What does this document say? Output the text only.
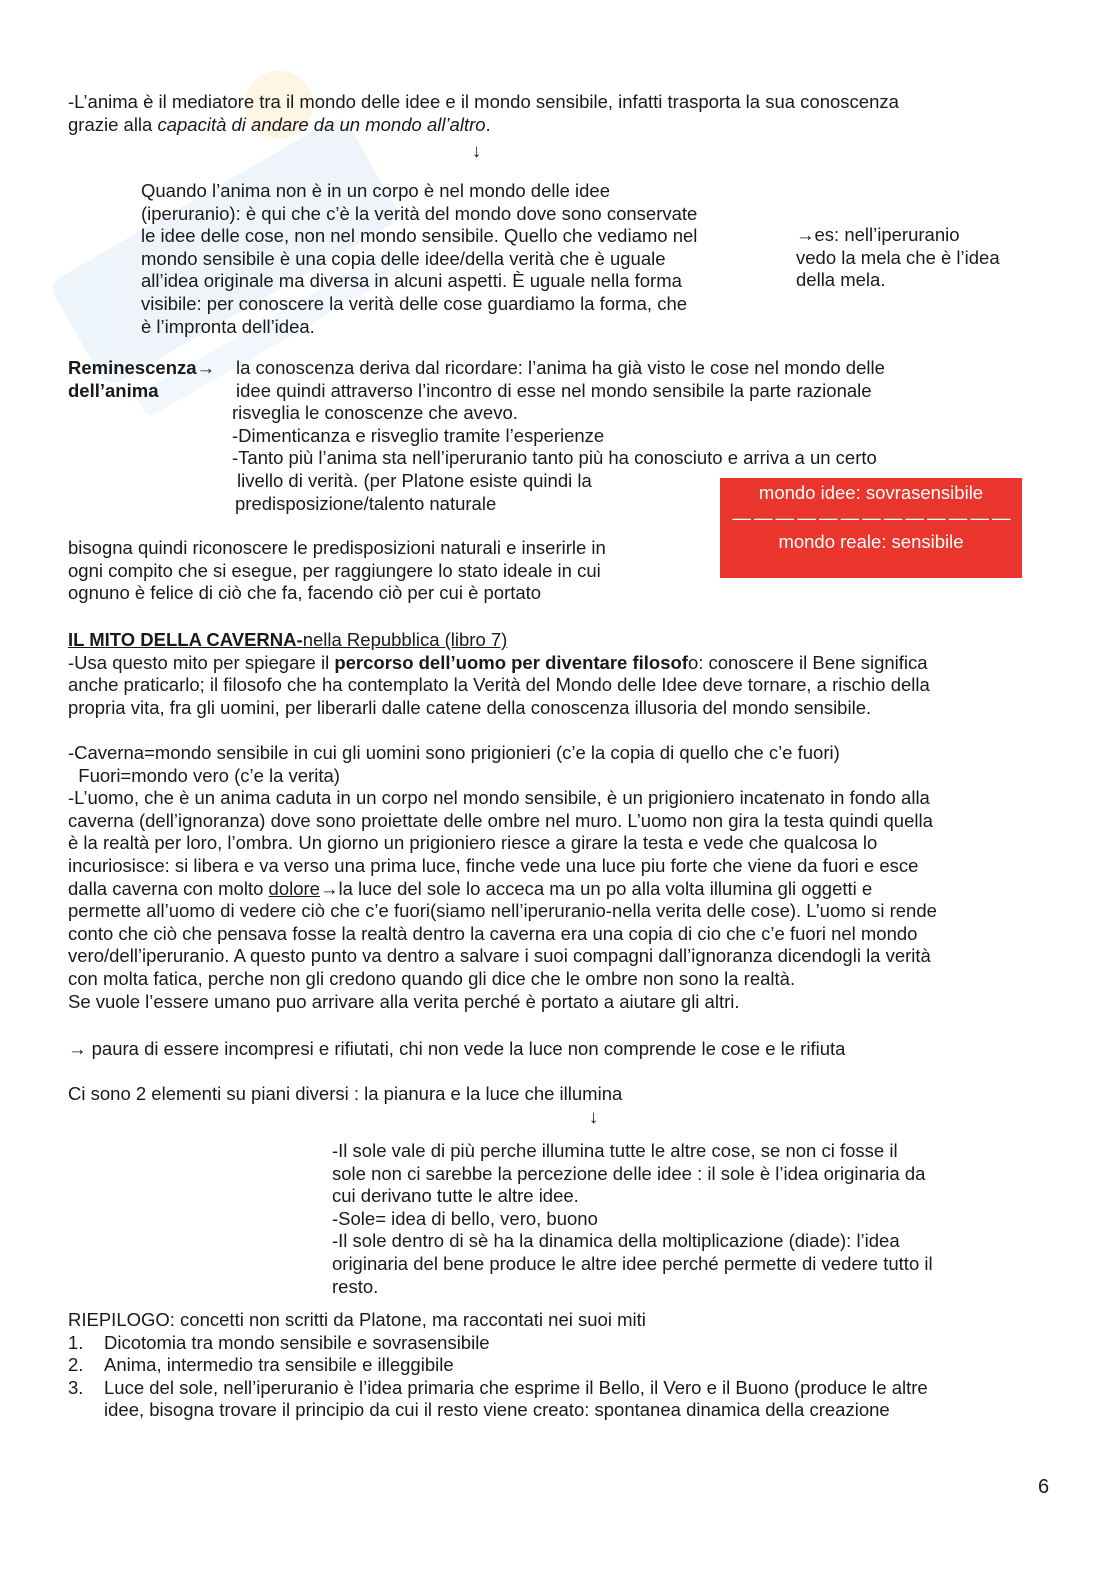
-L’anima è il mediatore tra il mondo delle idee e il mondo sensibile, infatti trasporta la sua conoscenza

grazie alla capacità di andare da un mondo all’altro.

↓

Quando l’anima non è in un corpo è nel mondo delle idee

(iperuranio): è qui che c’è la verità del mondo dove sono conservate

le idee delle cose, non nel mondo sensibile. Quello che vediamo nel

mondo sensibile è una copia delle idee/della verità che è uguale

all’idea originale ma diversa in alcuni aspetti. È uguale nella forma

visibile: per conoscere la verità delle cose guardiamo la forma, che

è l’impronta dell’idea.

→es: nell’iperuranio

vedo la mela che è l’idea

della mela.

Reminescenza→

dell’anima

la conoscenza deriva dal ricordare: l’anima ha già visto le cose nel mondo delle

idee quindi attraverso l’incontro di esse nel mondo sensibile la parte razionale

risveglia le conoscenze che avevo.

-Dimenticanza e risveglio tramite l’esperienze

-Tanto più l’anima sta nell’iperuranio tanto più ha conosciuto e arriva a un certo

livello di verità. (per Platone esiste quindi la

predisposizione/talento naturale

mondo idee: sovrasensibile
— — — — — — — — — — — — —
mondo reale: sensibile

bisogna quindi riconoscere le predisposizioni naturali e inserirle in

ogni compito che si esegue, per raggiungere lo stato ideale in cui

ognuno è felice di ciò che fa, facendo ciò per cui è portato

IL MITO DELLA CAVERNA-nella Repubblica (libro 7)

-Usa questo mito per spiegare il percorso dell’uomo per diventare filosofo: conoscere il Bene significa

anche praticarlo; il filosofo che ha contemplato la Verità del Mondo delle Idee deve tornare, a rischio della

propria vita, fra gli uomini, per liberarli dalle catene della conoscenza illusoria del mondo sensibile.

-Caverna=mondo sensibile in cui gli uomini sono prigionieri (c’e la copia di quello che c’e fuori)

Fuori=mondo vero (c’e la verita)

-L’uomo, che è un anima caduta in un corpo nel mondo sensibile, è un prigioniero incatenato in fondo alla

caverna (dell’ignoranza) dove sono proiettate delle ombre nel muro. L’uomo non gira la testa quindi quella

è la realtà per loro, l’ombra. Un giorno un prigioniero riesce a girare la testa e vede che qualcosa lo

incuriosisce: si libera e va verso una prima luce, finche vede una luce piu forte che viene da fuori e esce

dalla caverna con molto dolore→la luce del sole lo acceca ma un po alla volta illumina gli oggetti e

permette all’uomo di vedere ciò che c’e fuori(siamo nell’iperuranio-nella verita delle cose). L’uomo si rende

conto che ciò che pensava fosse la realtà dentro la caverna era una copia di cio che c’e fuori nel mondo

vero/dell’iperuranio. A questo punto va dentro a salvare i suoi compagni dall’ignoranza dicendogli la verità

con molta fatica, perche non gli credono quando gli dice che le ombre non sono la realtà.

Se vuole l’essere umano puo arrivare alla verita perché è portato a aiutare gli altri.

→ paura di essere incompresi e rifiutati, chi non vede la luce non comprende le cose e le rifiuta
Ci sono 2 elementi su piani diversi : la pianura e la luce che illumina
↓

-Il sole vale di più perche illumina tutte le altre cose, se non ci fosse il

sole non ci sarebbe la percezione delle idee : il sole è l’idea originaria da

cui derivano tutte le altre idee.

-Sole= idea di bello, vero, buono

-Il sole dentro di sè ha la dinamica della moltiplicazione (diade): l’idea

originaria del bene produce le altre idee perché permette di vedere tutto il

resto.

RIEPILOGO: concetti non scritti da Platone, ma raccontati nei suoi miti

1. Dicotomia tra mondo sensibile e sovrasensibile

2. Anima, intermedio tra sensibile e illeggibile

3. Luce del sole, nell’iperuranio è l’idea primaria che esprime il Bello, il Vero e il Buono (produce le altre

idee, bisogna trovare il principio da cui il resto viene creato: spontanea dinamica della creazione

6
